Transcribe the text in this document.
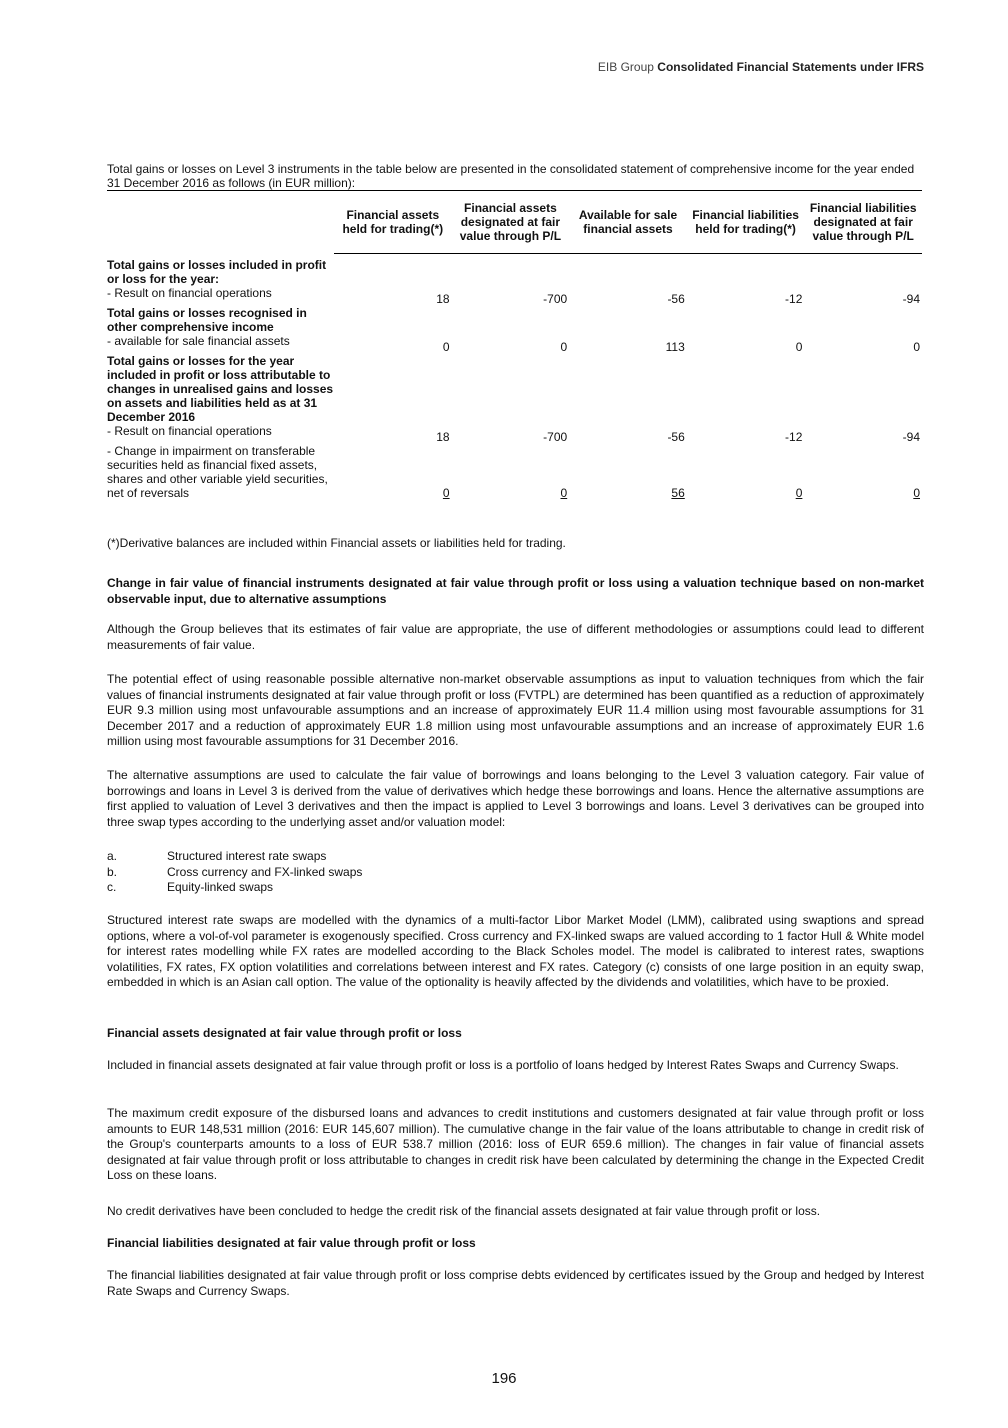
EIB Group Consolidated Financial Statements under IFRS
Total gains or losses on Level 3 instruments in the table below are presented in the consolidated statement of comprehensive income for the year ended 31 December 2016 as follows (in EUR million):
	Financial assets held for trading(*)	Financial assets designated at fair value through P/L	Available for sale financial assets	Financial liabilities held for trading(*)	Financial liabilities designated at fair value through P/L
Total gains or losses included in profit or loss for the year:					
- Result on financial operations	18	-700	-56	-12	-94
Total gains or losses recognised in other comprehensive income					
- available for sale financial assets	0	0	113	0	0
Total gains or losses for the year included in profit or loss attributable to changes in unrealised gains and losses on assets and liabilities held as at 31 December 2016					
- Result on financial operations	18	-700	-56	-12	-94
- Change in impairment on transferable securities held as financial fixed assets, shares and other variable yield securities, net of reversals	0	0	56	0	0
(*)Derivative balances are included within Financial assets or liabilities held for trading.
Change in fair value of financial instruments designated at fair value through profit or loss using a valuation technique based on non-market observable input, due to alternative assumptions
Although the Group believes that its estimates of fair value are appropriate, the use of different methodologies or assumptions could lead to different measurements of fair value.
The potential effect of using reasonable possible alternative non-market observable assumptions as input to valuation techniques from which the fair values of financial instruments designated at fair value through profit or loss (FVTPL) are determined has been quantified as a reduction of approximately EUR 9.3 million using most unfavourable assumptions and an increase of approximately EUR 11.4 million using most favourable assumptions for 31 December 2017 and a reduction of approximately EUR 1.8 million using most unfavourable assumptions and an increase of approximately EUR 1.6 million using most favourable assumptions for 31 December 2016.
The alternative assumptions are used to calculate the fair value of borrowings and loans belonging to the Level 3 valuation category. Fair value of borrowings and loans in Level 3 is derived from the value of derivatives which hedge these borrowings and loans. Hence the alternative assumptions are first applied to valuation of Level 3 derivatives and then the impact is applied to Level 3 borrowings and loans. Level 3 derivatives can be grouped into three swap types according to the underlying asset and/or valuation model:
a.	Structured interest rate swaps
b.	Cross currency and FX-linked swaps
c.	Equity-linked swaps
Structured interest rate swaps are modelled with the dynamics of a multi-factor Libor Market Model (LMM), calibrated using swaptions and spread options, where a vol-of-vol parameter is exogenously specified. Cross currency and FX-linked swaps are valued according to 1 factor Hull & White model for interest rates modelling while FX rates are modelled according to the Black Scholes model. The model is calibrated to interest rates, swaptions volatilities, FX rates, FX option volatilities and correlations between interest and FX rates. Category (c) consists of one large position in an equity swap, embedded in which is an Asian call option. The value of the optionality is heavily affected by the dividends and volatilities, which have to be proxied.
Financial assets designated at fair value through profit or loss
Included in financial assets designated at fair value through profit or loss is a portfolio of loans hedged by Interest Rates Swaps and Currency Swaps.
The maximum credit exposure of the disbursed loans and advances to credit institutions and customers designated at fair value through profit or loss amounts to EUR 148,531 million (2016: EUR 145,607 million). The cumulative change in the fair value of the loans attributable to change in credit risk of the Group's counterparts amounts to a loss of EUR 538.7 million (2016: loss of EUR 659.6 million). The changes in fair value of financial assets designated at fair value through profit or loss attributable to changes in credit risk have been calculated by determining the change in the Expected Credit Loss on these loans.
No credit derivatives have been concluded to hedge the credit risk of the financial assets designated at fair value through profit or loss.
Financial liabilities designated at fair value through profit or loss
The financial liabilities designated at fair value through profit or loss comprise debts evidenced by certificates issued by the Group and hedged by Interest Rate Swaps and Currency Swaps.
196
